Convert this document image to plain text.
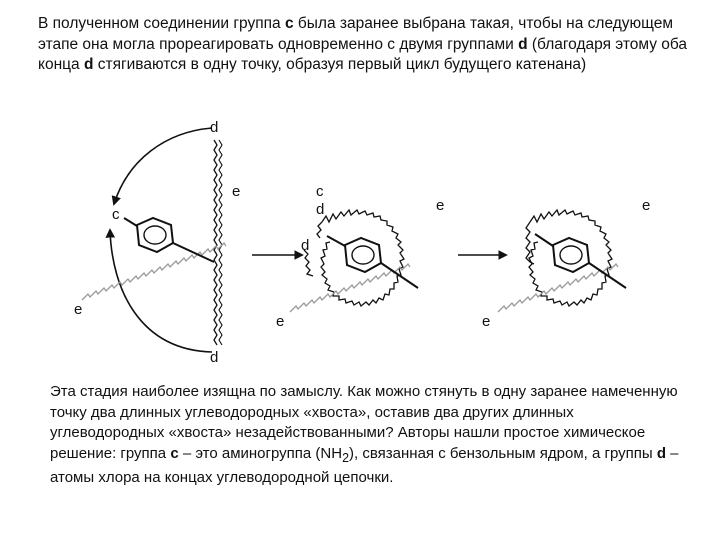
В полученном соединении группа c была заранее выбрана такая, чтобы на следующем этапе она могла прореагировать одновременно с двумя группами d (благодаря этому оба конца d стягиваются в одну точку, образуя первый цикл будущего катенана)

d
d
e
e
c
c
d
d
e
e
e
e

Эта стадия наиболее изящна по замыслу. Как можно стянуть в одну заранее намеченную точку два длинных углеводородных «хвоста», оставив два других длинных углеводородных «хвоста» незадействованными? Авторы нашли простое химическое решение: группа c – это аминогруппа $(NH_2)$, связанная с бензольным ядром, а группы d – атомы хлора на концах углеводородной цепочки.
